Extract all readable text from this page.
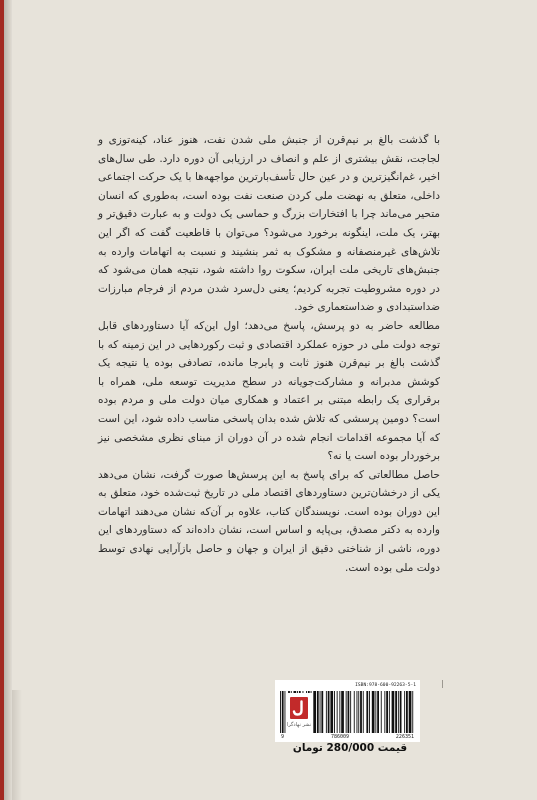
با گذشت بالغ بر نیم‌قرن از جنبش ملی شدن نفت، هنوز عناد، کینه‌توزی و لجاجت، نقش بیشتری از علم و انصاف در ارزیابی آن دوره دارد. طی سال‌های اخیر، غم‌انگیزترین و در عین حال تأسف‌بارترین مواجهه‌ها با یک حرکت اجتماعی داخلی، متعلق به نهضت ملی کردن صنعت نفت بوده است، به‌طوری که انسان متحیر می‌ماند چرا با افتخارات بزرگ و حماسی یک دولت و به عبارت دقیق‌تر و بهتر، یک ملت، اینگونه برخورد می‌شود؟ می‌توان با قاطعیت گفت که اگر این تلاش‌های غیرمنصفانه و مشکوک به ثمر بنشیند و نسبت به اتهامات وارده به جنبش‌های تاریخی ملت ایران، سکوت روا داشته شود، نتیجه همان می‌شود که در دوره مشروطیت تجربه کردیم؛ یعنی دل‌سرد شدن مردم از فرجام مبارزات ضداستبدادی و ضداستعماری خود.

مطالعه حاضر به دو پرسش، پاسخ می‌دهد؛ اول این‌که آیا دستاوردهای قابل توجه دولت ملی در حوزه عملکرد اقتصادی و ثبت رکوردهایی در این زمینه که با گذشت بالغ بر نیم‌قرن هنوز ثابت و پابرجا مانده، تصادفی بوده یا نتیجه یک کوشش مدبرانه و مشارکت‌جویانه در سطح مدیریت توسعه ملی، همراه با برقراری یک رابطه مبتنی بر اعتماد و همکاری میان دولت ملی و مردم بوده است؟ دومین پرسشی که تلاش شده بدان پاسخی مناسب داده شود، این است که آیا مجموعه اقدامات انجام شده در آن دوران از مبنای نظری مشخصی نیز برخوردار بوده است یا نه؟

حاصل مطالعاتی که برای پاسخ به این پرسش‌ها صورت گرفت، نشان می‌دهد یکی از درخشان‌ترین دستاوردهای اقتصاد ملی در تاریخ ثبت‌شده خود، متعلق به این دوران بوده است. نویسندگان کتاب، علاوه بر آن‌که نشان می‌دهند اتهامات وارده به دکتر مصدق، بی‌پایه و اساس است، نشان داده‌اند که دستاوردهای این دوره، ناشی از شناختی دقیق از ایران و جهان و حاصل بازآرایی نهادی توسط دولت ملی بوده است.

ISBN:978-600-92263-5-1
9	786009	226351
نشر نهادگرا
قیمت 280/000 تومان
